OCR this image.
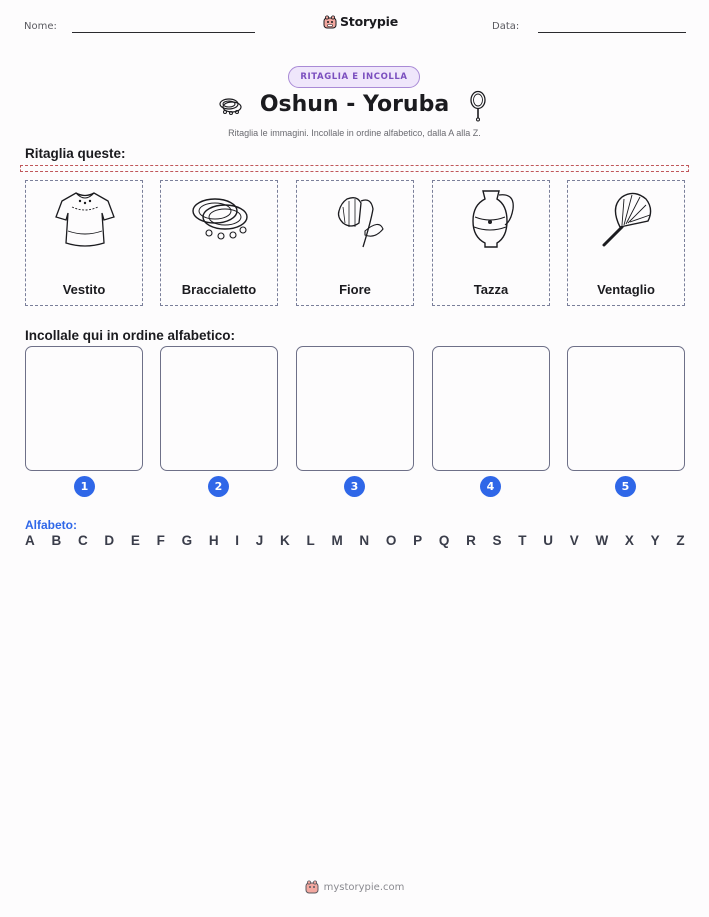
Nome:	Storypie	Data:
RITAGLIA E INCOLLA
Oshun - Yoruba
Ritaglia le immagini. Incollale in ordine alfabetico, dalla A alla Z.
Ritaglia queste:
Vestito	Braccialetto	Fiore	Tazza	Ventaglio
Incollale qui in ordine alfabetico:
1	2	3	4	5
Alfabeto:
A B C D E F G H I J K L M N O P Q R S T U V W X Y Z
mystorypie.com
